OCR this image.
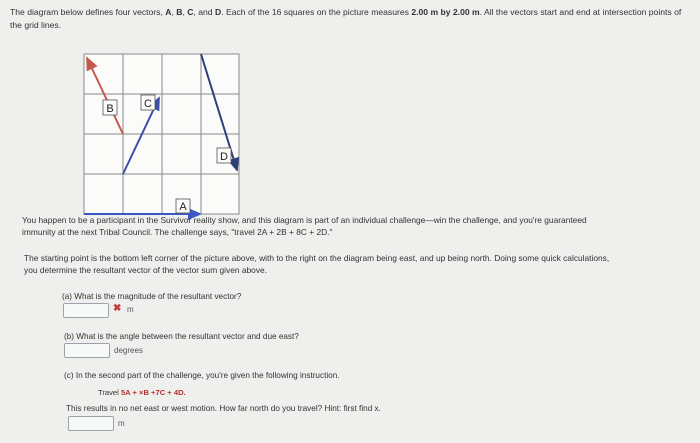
The diagram below defines four vectors, A, B, C, and D. Each of the 16 squares on the picture measures 2.00 m by 2.00 m. All the vectors start and end at intersection points of the grid lines.
B	C
D
A
You happen to be a participant in the Survivor reality show, and this diagram is part of an individual challenge—win the challenge, and you're guaranteed
immunity at the next Tribal Council. The challenge says, "travel 2A + 2B + 8C + 2D."
The starting point is the bottom left corner of the picture above, with to the right on the diagram being east, and up being north. Doing some quick calculations,
you determine the resultant vector of the vector sum given above.
(a) What is the magnitude of the resultant vector?
✖ m
(b) What is the angle between the resultant vector and due east?
degrees
(c) In the second part of the challenge, you're given the following instruction.
Travel 5A + ×B +7C + 4D.
This results in no net east or west motion. How far north do you travel? Hint: first find x.
m
